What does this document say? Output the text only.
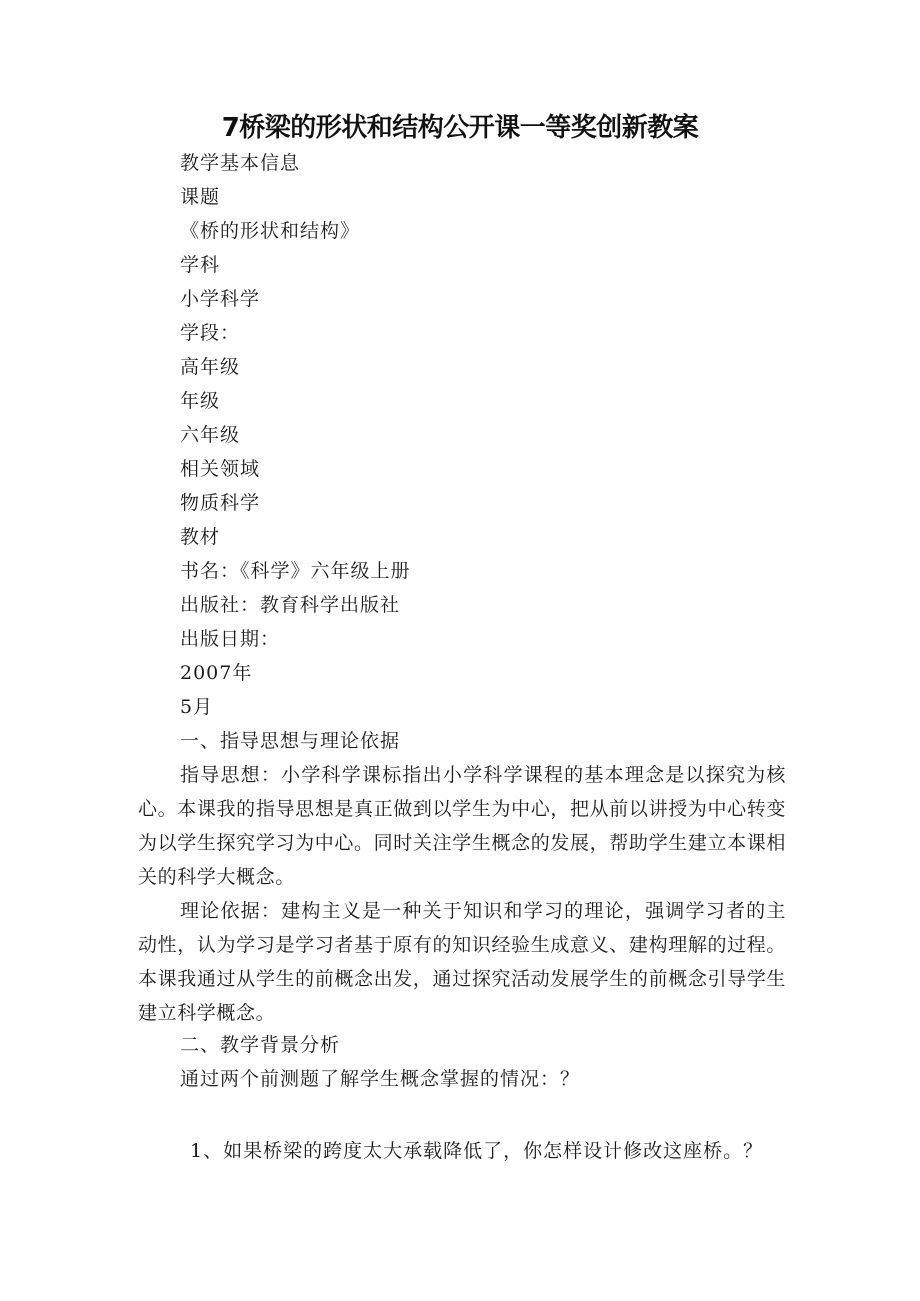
7桥梁的形状和结构公开课一等奖创新教案
教学基本信息
课题
《桥的形状和结构》
学科
小学科学
学段：
高年级
年级
六年级
相关领域
物质科学
教材
书名：《科学》六年级上册
出版社：教育科学出版社
出版日期：
2007年
5月
一、指导思想与理论依据
指导思想：小学科学课标指出小学科学课程的基本理念是以探究为核心。本课我的指导思想是真正做到以学生为中心，把从前以讲授为中心转变为以学生探究学习为中心。同时关注学生概念的发展，帮助学生建立本课相关的科学大概念。
理论依据：建构主义是一种关于知识和学习的理论，强调学习者的主动性，认为学习是学习者基于原有的知识经验生成意义、建构理解的过程。本课我通过从学生的前概念出发，通过探究活动发展学生的前概念引导学生建立科学概念。
二、教学背景分析
通过两个前测题了解学生概念掌握的情况：？
1、如果桥梁的跨度太大承载降低了，你怎样设计修改这座桥。？
